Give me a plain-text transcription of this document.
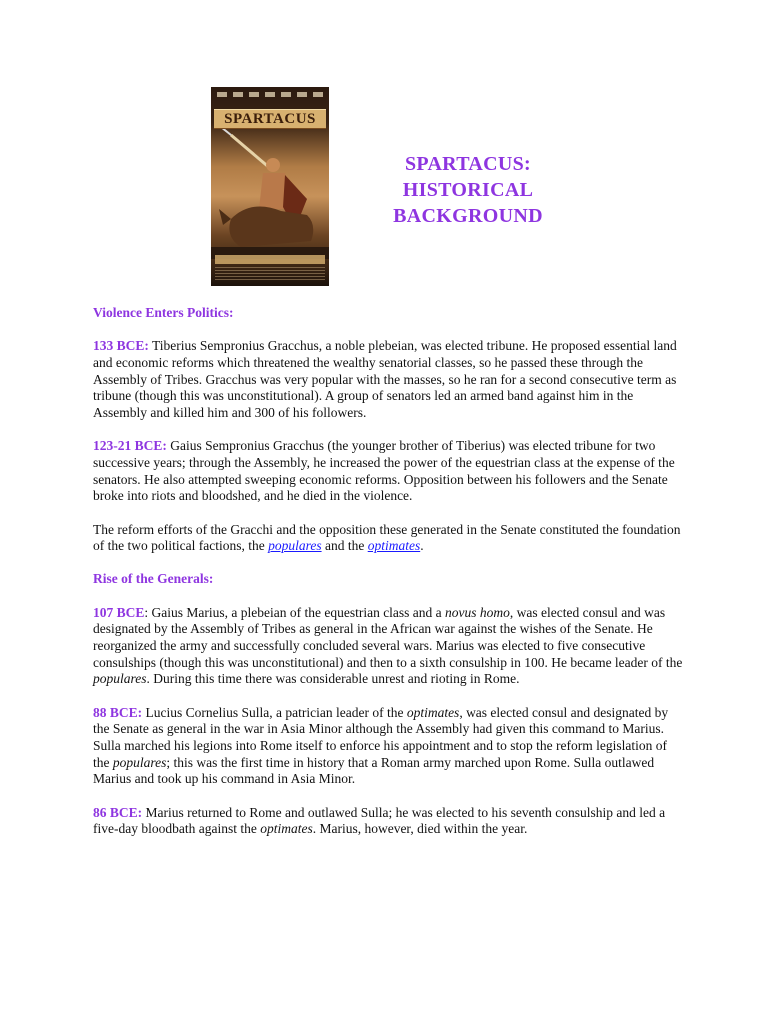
SPARTACUS
SPARTACUS:
HISTORICAL
BACKGROUND

Violence Enters Politics:

133 BCE: Tiberius Sempronius Gracchus, a noble plebeian, was elected tribune. He proposed essential land and economic reforms which threatened the wealthy senatorial classes, so he passed these through the Assembly of Tribes. Gracchus was very popular with the masses, so he ran for a second consecutive term as tribune (though this was unconstitutional). A group of senators led an armed band against him in the Assembly and killed him and 300 of his followers.

123-21 BCE: Gaius Sempronius Gracchus (the younger brother of Tiberius) was elected tribune for two successive years; through the Assembly, he increased the power of the equestrian class at the expense of the senators. He also attempted sweeping economic reforms. Opposition between his followers and the Senate broke into riots and bloodshed, and he died in the violence.

The reform efforts of the Gracchi and the opposition these generated in the Senate constituted the foundation of the two political factions, the populares and the optimates.

Rise of the Generals:

107 BCE: Gaius Marius, a plebeian of the equestrian class and a novus homo, was elected consul and was designated by the Assembly of Tribes as general in the African war against the wishes of the Senate. He reorganized the army and successfully concluded several wars. Marius was elected to five consecutive consulships (though this was unconstitutional) and then to a sixth consulship in 100. He became leader of the populares. During this time there was considerable unrest and rioting in Rome.

88 BCE: Lucius Cornelius Sulla, a patrician leader of the optimates, was elected consul and designated by the Senate as general in the war in Asia Minor although the Assembly had given this command to Marius. Sulla marched his legions into Rome itself to enforce his appointment and to stop the reform legislation of the populares; this was the first time in history that a Roman army marched upon Rome. Sulla outlawed Marius and took up his command in Asia Minor.

86 BCE: Marius returned to Rome and outlawed Sulla; he was elected to his seventh consulship and led a five-day bloodbath against the optimates. Marius, however, died within the year.
